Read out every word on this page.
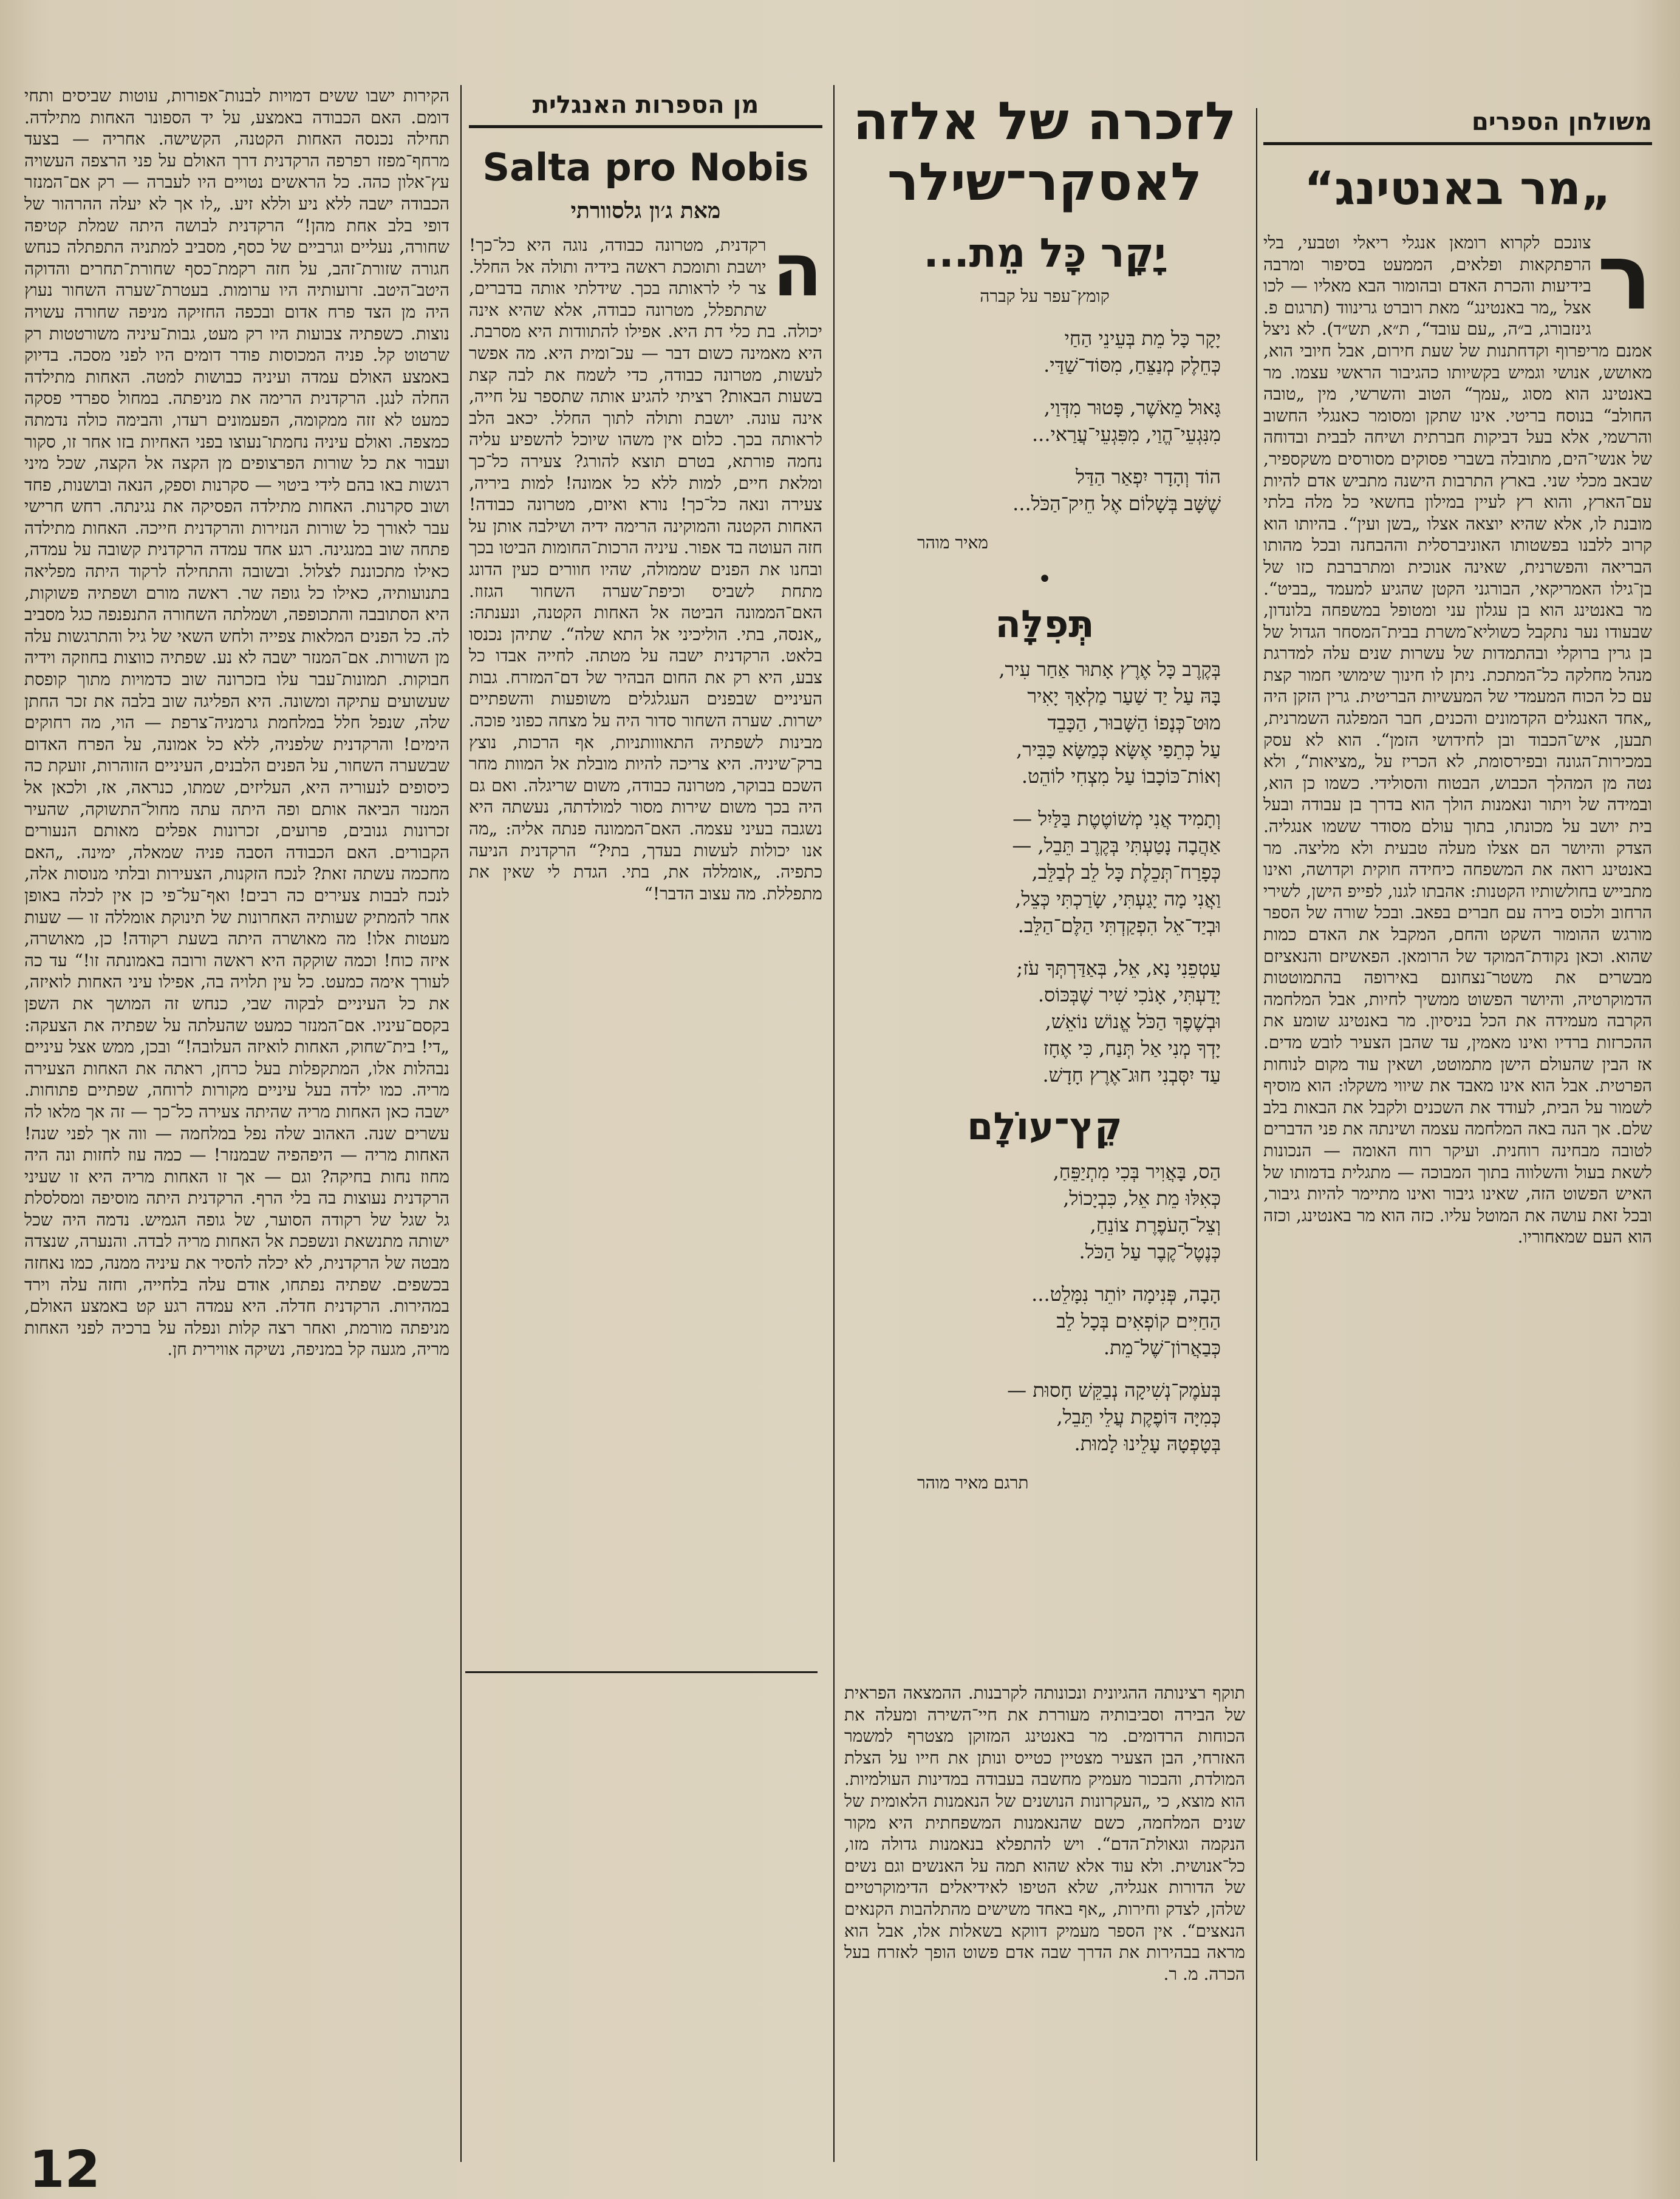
משולחן הספרים
„מר באנטינג“

ר
צונכם לקרוא רומאן אנגלי ריאלי וטבעי, בלי הרפתקאות ופלאים, הממעט בסיפור ומרבה בידיעות והכרת האדם ובהומור הבא מאליו — לכו אצל „מר באנטינג“ מאת רוברט גרינווד (תרגום פ. גינזבורג, ב״ה, „עם עובד“, ת״א, תש״ד). לא ניצל אמנם מריפרוף וקדחתנות של שעת חירום, אבל חיובי הוא, מאושש, אנושי וגמיש בקשיותו כהגיבור הראשי עצמו. מר באנטינג הוא מסוג „עמך“ הטוב והשרשי, מין „טובה החולב“ בנוסח בריטי. אינו שתקן ומסומר כאנגלי החשוב והרשמי, אלא בעל דביקות חברתית ושיחה לבבית ובדוחה של אנשי־הים, מתובלה בשברי פסוקים מסורסים משקספיר, שבאב מכלי שני. בארץ התרבות הישנה מתביש אדם להיות עם־הארץ, והוא רץ לעיין במילון בחשאי כל מלה בלתי מובנת לו, אלא שהיא יוצאה אצלו „בשן ועין“. בהיותו הוא קרוב ללבנו בפשטותו האוניברסלית וההבחנה ובכל מהותו הבריאה והפשרנית, שאינה אנוכית ומתרברבת כזו של בן־גילו האמריקאי, הבורגני הקטן שהגיע למעמד „בביט“. מר באנטינג הוא בן עגלון עני ומטופל במשפחה בלונדון, שבעודו נער נתקבל כשוליא־משרת בבית־המסחר הגדול של בן גרין ברוקלי ובהתמדות של עשרות שנים עלה למדרגת מנהל מחלקה כל־המתכת. ניתן לו חינוך שימושי חמור קצת עם כל הכוח המעמדי של המעשיות הבריטית. גרין הזקן היה „אחד האנגלים הקדמונים והכנים, חבר המפלגה השמרנית, תבען, איש־הכבוד ובן לחידושי הזמן“. הוא לא עסק במכירות־הגונה ובפירסומת, לא הכריז על „מציאות“, ולא נטה מן המהלך הכבוש, הבטוח והסולידי. כשמו כן הוא, ובמידה של ויתור ונאמנות הולך הוא בדרך בן עבודה ובעל בית יושב על מכונתו, בתוך עולם מסודר ששמו אנגליה. הצדק והיושר הם אצלו מעלה טבעית ולא מליצה. מר באנטינג רואה את המשפחה כיחידה חוקית וקדושה, ואינו מתבייש בחולשותיו הקטנות: אהבתו לגנו, לפייפ הישן, לשירי הרחוב ולכוס בירה עם חברים בפאב. ובכל שורה של הספר מורגש ההומור השקט והחם, המקבל את האדם כמות שהוא. וכאן נקודת־המוקד של הרומאן. הפאשיזם והנאציזם מבשרים את משטר־נצחונם באירופה בהתמוטטות הדמוקרטיה, והיושר הפשוט ממשיך לחיות, אבל המלחמה הקרבה מעמידה את הכל בניסיון. מר באנטינג שומע את ההכרזות ברדיו ואינו מאמין, עד שהבן הצעיר לובש מדים. אז הבין שהעולם הישן מתמוטט, ושאין עוד מקום לנוחות הפרטית. אבל הוא אינו מאבד את שיווי משקלו: הוא מוסיף לשמור על הבית, לעודד את השכנים ולקבל את הבאות בלב שלם. אך הנה באה המלחמה עצמה ושינתה את פני הדברים לטובה מבחינה רוחנית. ועיקר רוח האומה — הנכונות לשאת בעול והשלווה בתוך המבוכה — מתגלית בדמותו של האיש הפשוט הזה, שאינו גיבור ואינו מתיימר להיות גיבור, ובכל זאת עושה את המוטל עליו. כזה הוא מר באנטינג, וכזה הוא העם שמאחוריו.

לזכרה של אלזה
לאסקר־שילר
יָקָר כָּל מֵת...
קומץ־עפר על קברה
יָקָר כָּל מֵת בְּעֵינֵי הַחַי
כְּחֵלֶק מְנַצֵּחַ, מִסּוֹד־שַׁדַּי.
גָּאוּל מֵאֹשֶׁר, פָּטוּר מִדְּוַי,
מִנִּגְעֵי־הֱוַי, מִפִּגְעֵי־עֲרַאי...
הוֹד וְהָדָר יִפְאַר הַדַּל
שֶׁשָּׁב בְּשָׁלוֹם אֶל חֵיק־הַכֹּל...
מאיר מוהר
•
תְּפִלָּה
בְּקֶרֶב כָּל אֶרֶץ אָתוּר אַחַר עִיר,
בָּהּ עַל יַד שַׁעַר מַלְאָךְ יָאִיר
מוּט־כְּנָפוֹ הַשָּׁבוּר, הַכָּבֵד
עַל כְּתֵפַי אֶשָּׂא כְּמַשָּׂא כַּבִּיר,
וְאוֹת־כּוֹכָבוֹ עַל מִצְחִי לוֹהֵט.
וְתָמִיד אֲנִי מְשׁוֹטֶטֶת בַּלַּיִל —
אַהֲבָה נָטַעְתִּי בְּקֶרֶב תֵּבֵל, —
כְּפָרַח־תְּכֵלֶת כָּל לֵב לְבַלֵּב,
וַאֲנִי מָה יָגַעְתִּי, שָׂרַכְתִּי כְּצֵל,
וּבְיַד־אֵל הִפְקַדְתִּי הַלֶּם־הַלֵּב.
עַטְפֵנִי נָא, אֵל, בְּאַדַּרְתְּךָ עֹז;
יָדַעְתִּי, אָנֹכִי שִׁיר שֶׁבְּכּוֹס.
וּבְשֶׁפֶךְ הַכֹּל אֱנוֹשׁ נוֹאֵשׁ,
יָדְךָ מְנִי אַל תְּנַח, כִּי אֶחָז
עַד יִסְּבְנִי חוּג־אֶרֶץ חָדָשׁ.
קֵץ־עוֹלָם
הַס, בָּאֲוִיר בְּכִי מִתְיַפֵּחַ,
כְּאִלּוּ מֵת אֵל, כִּבְיָכוֹל,
וְצֵל־הָעֹפֶרֶת צוֹנֵחַ,
כְּנֶטֶל־קֶבֶר עַל הַכֹּל.
הָבָה, פְּנִימָה יוֹתֵר נִמָּלֵט...
הַחַיִּים קוֹפְאִים בְּכָל לֵב
כְּבַאֲרוֹן־שֶׁל־מֵת.
בְּעֹמֶק־נְשִׁיקָה נְבַקֵּשׁ חָסוּת —
כְּמִיָּה דּוֹפֶקֶת עֲלֵי תֵּבֵל,
בְּטָפְטָהּ עָלֵינוּ לָמוּת.
תרגם מאיר מוהר

תוקף רצינותה ההגיונית ונכונותה לקרבנות. ההמצאה הפראית של הבירה וסביבותיה מעוררת את חיי־השירה ומעלה את הכוחות הרדומים. מר באנטינג המזוקן מצטרף למשמר האזרחי, הבן הצעיר מצטיין כטייס ונותן את חייו על הצלת המולדת, והבכור מעמיק מחשבה בעבודה במדינות העולמיות. הוא מוצא, כי „העקרונות הנושנים של הנאמנות הלאומית של שנים המלחמה, כשם שהנאמנות המשפחתית היא מקור הנקמה וגאולת־הדם“. ויש להתפלא בנאמנות גדולה מזו, כל־אנושית. ולא עוד אלא שהוא תמה על האנשים וגם נשים של הדורות אנגליה, שלא הטיפו לאידיאלים הדימוקרטיים שלהן, לצדק וחירות, „אף באחד משישים מהתלהבות הקנאים הנאצים“. אין הספר מעמיק דווקא בשאלות אלו, אבל הוא מראה בבהירות את הדרך שבה אדם פשוט הופך לאזרח בעל הכרה. מ. ר.

מן הספרות האנגלית
Salta pro Nobis
מאת ג׳ון גלסוורתי

ה
רקדנית, מטרונה כבודה, נוגה היא כל־כך! יושבת ותומכת ראשה בידיה ותולה אל החלל. צר לי לראותה בכך. שידלתי אותה בדברים, שתתפלל, מטרונה כבודה, אלא שהיא אינה יכולה. בת כלי דת היא. אפילו להתוודות היא מסרבת. היא מאמינה כשום דבר — עכ־ומית היא. מה אפשר לעשות, מטרונה כבודה, כדי לשמח את לבה קצת בשעות הבאות? רציתי להגיע אותה שתספר על חייה, אינה עונה. יושבת ותולה לתוך החלל. יכאב הלב לראותה בכך. כלום אין משהו שיוכל להשפיע עליה נחמה פורתא, בטרם תוצא להורג? צעירה כל־כך ומלאת חיים, למות ללא כל אמונה! למות ביריה, צעירה ונאה כל־כך! נורא ואיום, מטרונה כבודה! האחות הקטנה והמוקינה הרימה ידיה ושילבה אותן על חזה העוטה בד אפור. עיניה הרכות־החומות הביטו בכך ובחנו את הפנים שממולה, שהיו חוורים כעין הדונג מתחת לשביס וכיפת־שערה השחור הגזוז. האם־הממונה הביטה אל האחות הקטנה, ונענתה: „אנסה, בתי. הוליכיני אל התא שלה“. שתיהן נכנסו בלאט. הרקדנית ישבה על מטתה. לחייה אבדו כל צבע, היא רק את החום הבהיר של דם־המזרח. גבות העיניים שבפנים העגלגלים משופעות והשפתיים ישרות. שערה השחור סדור היה על מצחה כפוני פוכה. מבינות לשפתיה התאווותניות, אף הרכות, נוצץ ברק־שיניה. היא צריכה להיות מובלת אל המוות מחר השכם בבוקר, מטרונה כבודה, משום שריגלה. ואם גם היה בכך משום שירות מסור למולדתה, נעשתה היא נשגבה בעיני עצמה. האם־הממונה פנתה אליה: „מה אנו יכולות לעשות בעדך, בתי?“ הרקדנית הניעה כתפיה. „אומללה את, בתי. הגדת לי שאין את מתפללת. מה עצוב הדבר!“

הקירות ישבו ששים דמויות לבנות־אפורות, עוטות שביסים ותחי דומם. האם הכבודה באמצע, על יד הספונר האחות מתילדה. תחילה נכנסה האחות הקטנה, הקשישה. אחריה — בצעד מרחף־מפזז רפרפה הרקדנית דרך האולם על פני הרצפה העשויה עץ־אלון כהה. כל הראשים נטויים היו לעברה — רק אם־המנזר הכבודה ישבה ללא ניע וללא זיע. „לו אך לא יעלה ההרהור של דופי בלב אחת מהן!“ הרקדנית לבושה היתה שמלת קטיפה שחורה, נעליים וגרביים של כסף, מסביב למתניה התפתלה כנחש חגורה שזורת־זהב, על חזה רקמת־כסף שחורת־תחרים והדוקה היטב־היטב. זרועותיה היו ערומות. בעטרת־שערה השחור נעוץ היה מן הצד פרח אדום ובכפה החזיקה מניפה שחורה עשויה נוצות. כשפתיה צבועות היו רק מעט, גבות־עיניה משורטטות רק שרטוט קל. פניה המכוסות פודר דומים היו לפני מסכה. בדיוק באמצע האולם עמדה ועיניה כבושות למטה. האחות מתילדה החלה לנגן. הרקדנית הרימה את מניפתה. במחול ספרדי פסקה כמעט לא זזה ממקומה, הפעמונים רעדו, והבימה כולה נדמתה כמצפה. ואולם עיניה נחמתו־נעוצו בפני האחיות בזו אחר זו, סקור ועבור את כל שורות הפרצופים מן הקצה אל הקצה, שכל מיני רגשות באו בהם לידי ביטוי — סקרנות וספק, הנאה ובושנות, פחד ושוב סקרנות. האחות מתילדה הפסיקה את נגינתה. רחש חרישי עבר לאורך כל שורות הנזירות והרקדנית חייכה. האחות מתילדה פתחה שוב במנגינה. רגע אחד עמדה הרקדנית קשובה על עמדה, כאילו מתכוננת לצלול. ובשובה והתחילה לרקוד היתה מפליאה בתנועותיה, כאילו כל גופה שר. ראשה מורם ושפתיה פשוקות, היא הסתובבה והתכופפה, ושמלתה השחורה התנפנפה כגל מסביב לה. כל הפנים המלאות צפייה ולחש השאי של גיל והתרגשות עלה מן השורות. אם־המנזר ישבה לא נע. שפתיה כווצות בחוזקה וידיה חבוקות. תמונות־עבר עלו בזכרונה שוב כדמויות מתוך קופסת שעשועים עתיקה ומשונה. היא הפליגה שוב בלבה את זכר החתן שלה, שנפל חלל במלחמת גרמניה־צרפת — הוי, מה רחוקים הימים! והרקדנית שלפניה, ללא כל אמונה, על הפרח האדום שבשערה השחור, על הפנים הלבנים, העיניים הזוהרות, זועקת כה כיסופים לנעוריה היא, העליזים, שמתו, כנראה, אז, ולכאן אל המנזר הביאה אותם ופה היתה עתה מחול־התשוקה, שהעיר זכרונות גנובים, פרועים, זכרונות אפלים מאותם הנעורים הקבורים. האם הכבודה הסבה פניה שמאלה, ימינה. „האם מחכמה עשתה זאת? לנכח הזקנות, הצעירות ובלתי מנוסות אלה, לנכח לבבות צעירים כה רבים! ואף־על־פי כן אין לכלה באופן אחר להמתיק שעותיה האחרונות של תינוקת אומללה זו — שעות מעטות אלו! מה מאושרה היתה בשעת רקודה! כן, מאושרה, איזה כוח! וכמה שוקקה היא ראשה ורובה באמונתה זו!“ עד כה לעורך אימה כמעט. כל עין תלויה בה, אפילו עיני האחות לואיזה, את כל העיניים לבקוה שבי, כנחש זה המושך את השפן בקסם־עיניו. אם־המנזר כמעט שהעלתה על שפתיה את הצעקה: „די! בית־שחוק, האחות לואיזה העלובה!“ ובכן, ממש אצל עיניים נבהלות אלו, המתקפלות בעל כרחן, ראתה את האחות הצעירה מריה. כמו ילדה בעל עיניים מקורות לרוחה, שפתיים פתוחות. ישבה כאן האחות מריה שהיתה צעירה כל־כך — זה אך מלאו לה עשרים שנה. האהוב שלה נפל במלחמה — ווה אך לפני שנה! האחות מריה — היפהפיה שבמנזר! — כמה עוז לחזות ונה היה מחוז נחות בחיקה? וגם — אך זו האחות מריה היא זו שעיני הרקדנית נעוצות בה בלי הרף. הרקדנית היתה מוסיפה ומסלסלת גל שגל של רקודה הסוער, של גופה הגמיש. נדמה היה שכל ישותה מתנשאת ונשפכת אל האחות מריה לבדה. והנערה, שנצדה מבטה של הרקדנית, לא יכלה להסיר את עיניה ממנה, כמו נאחזה בכשפים. שפתיה נפתחו, אודם עלה בלחייה, וחזה עלה וירד במהירות. הרקדנית חדלה. היא עמדה רגע קט באמצע האולם, מניפתה מורמת, ואחר רצה קלות ונפלה על ברכיה לפני האחות מריה, מגעה קל במניפה, נשיקה אווירית חן.

12
